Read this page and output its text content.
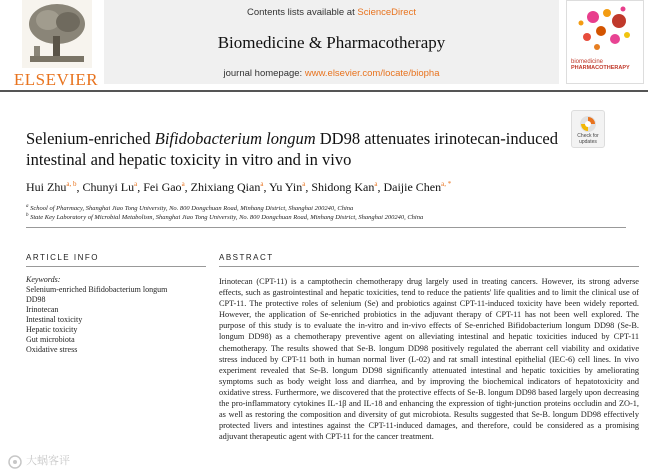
ELSEVIER
Contents lists available at ScienceDirect
Biomedicine & Pharmacotherapy
journal homepage: www.elsevier.com/locate/biopha
biomedicine
PHARMACOTHERAPY
Selenium-enriched Bifidobacterium longum DD98 attenuates irinotecan-induced intestinal and hepatic toxicity in vitro and in vivo
Check for updates
Hui Zhu$^{a, b}$, Chunyi Lu$^a$, Fei Gao$^a$, Zhixiang Qian$^a$, Yu Yin$^a$, Shidong Kan$^a$, Daijie Chen$^{a, *}$
$^a$ School of Pharmacy, Shanghai Jiao Tong University, No. 800 Dongchuan Road, Minhang District, Shanghai 200240, China
$^b$ State Key Laboratory of Microbial Metabolism, Shanghai Jiao Tong University, No. 800 Dongchuan Road, Minhang District, Shanghai 200240, China
ARTICLE INFO
Keywords:
Selenium-enriched Bifidobacterium longum
DD98
Irinotecan
Intestinal toxicity
Hepatic toxicity
Gut microbiota
Oxidative stress
ABSTRACT
Irinotecan (CPT-11) is a camptothecin chemotherapy drug largely used in treating cancers. However, its strong adverse effects, such as gastrointestinal and hepatic toxicities, tend to reduce the patients' life qualities and to limit the clinical use of CPT-11. The protective roles of selenium (Se) and probiotics against CPT-11-induced toxicity have been widely reported. However, the application of Se-enriched probiotics in the adjuvant therapy of CPT-11 has not been well explored. The purpose of this study is to evaluate the in-vitro and in-vivo effects of Se-enriched Bifidobacterium longum DD98 (Se-B. longum DD98) as a chemotherapy preventive agent on alleviating intestinal and hepatic toxicities induced by CPT-11 chemotherapy. The results showed that Se-B. longum DD98 positively regulated the aberrant cell viability and oxidative stress induced by CPT-11 both in human normal liver (L-02) and rat small intestinal epithelial (IEC-6) cell lines. In vivo experiment revealed that Se-B. longum DD98 significantly attenuated intestinal and hepatic toxicities by ameliorating symptoms such as body weight loss and diarrhea, and by improving the biochemical indicators of hepatotoxicity and oxidative stress. Furthermore, we discovered that the protective effects of Se-B. longum DD98 based largely upon decreasing the pro-inflammatory cytokines IL-1β and IL-18 and enhancing the expression of tight-junction proteins occludin and ZO-1, as well as restoring the composition and diversity of gut microbiota. Results suggested that Se-B. longum DD98 effectively protected livers and intestines against the CPT-11-induced damages, and therefore, could be considered as a promising adjuvant therapeutic agent with CPT-11 for the cancer treatment.
大蜗客评
